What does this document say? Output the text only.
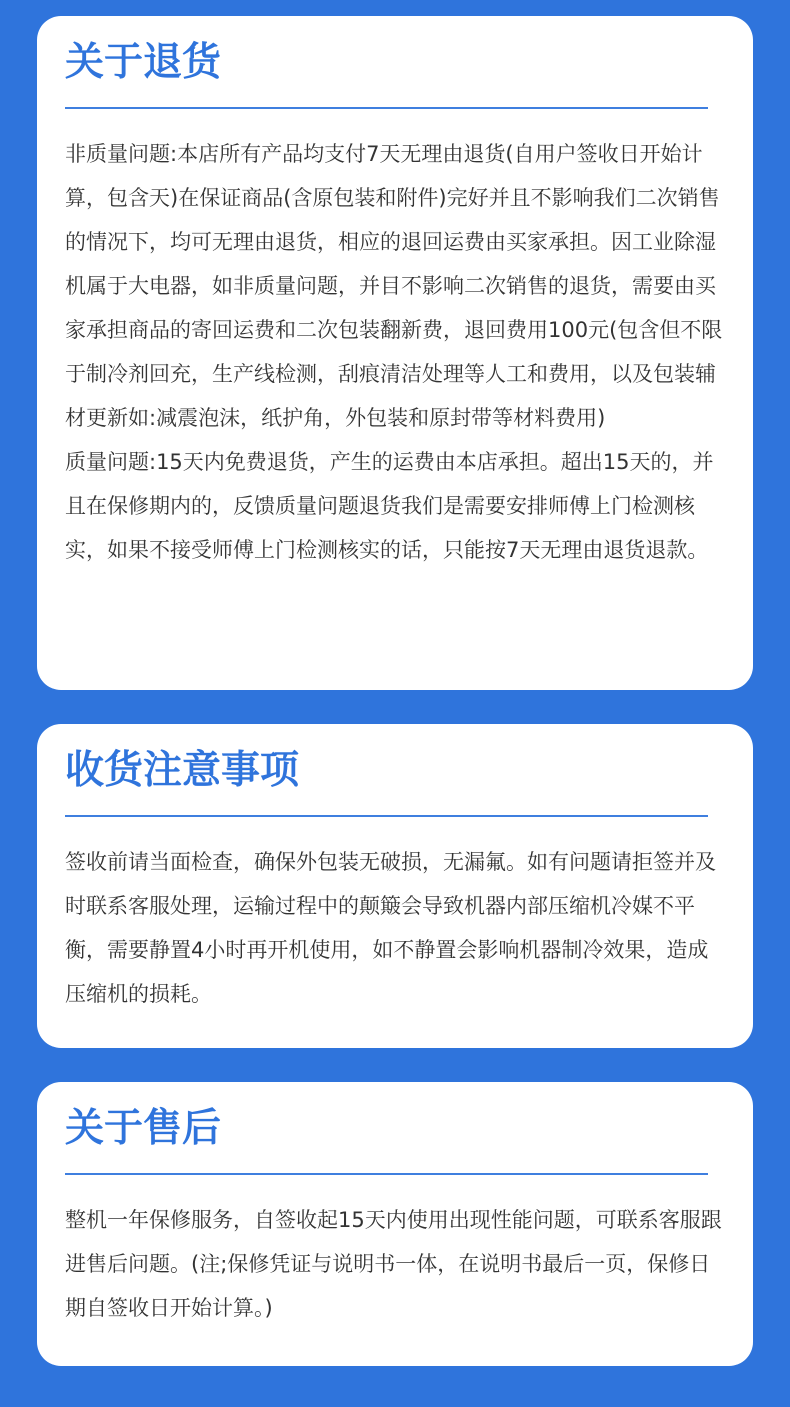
关于退货

非质量问题:本店所有产品均支付7天无理由退货(自用户签收日开始计算，包含天)在保证商品(含原包装和附件)完好并且不影响我们二次销售的情况下，均可无理由退货，相应的退回运费由买家承担。因工业除湿机属于大电器，如非质量问题，并目不影响二次销售的退货，需要由买家承担商品的寄回运费和二次包装翻新费，退回费用100元(包含但不限于制冷剂回充，生产线检测，刮痕清洁处理等人工和费用，以及包装辅材更新如:减震泡沫，纸护角，外包装和原封带等材料费用)

质量问题:15天内免费退货，产生的运费由本店承担。超出15天的，并且在保修期内的，反馈质量问题退货我们是需要安排师傅上门检测核实，如果不接受师傅上门检测核实的话，只能按7天无理由退货退款。

收货注意事项

签收前请当面检查，确保外包装无破损，无漏氟。如有问题请拒签并及时联系客服处理，运输过程中的颠簸会导致机器内部压缩机冷媒不平衡，需要静置4小时再开机使用，如不静置会影响机器制冷效果，造成压缩机的损耗。

关于售后

整机一年保修服务，自签收起15天内使用出现性能问题，可联系客服跟进售后问题。(注;保修凭证与说明书一体，在说明书最后一页，保修日期自签收日开始计算。)
